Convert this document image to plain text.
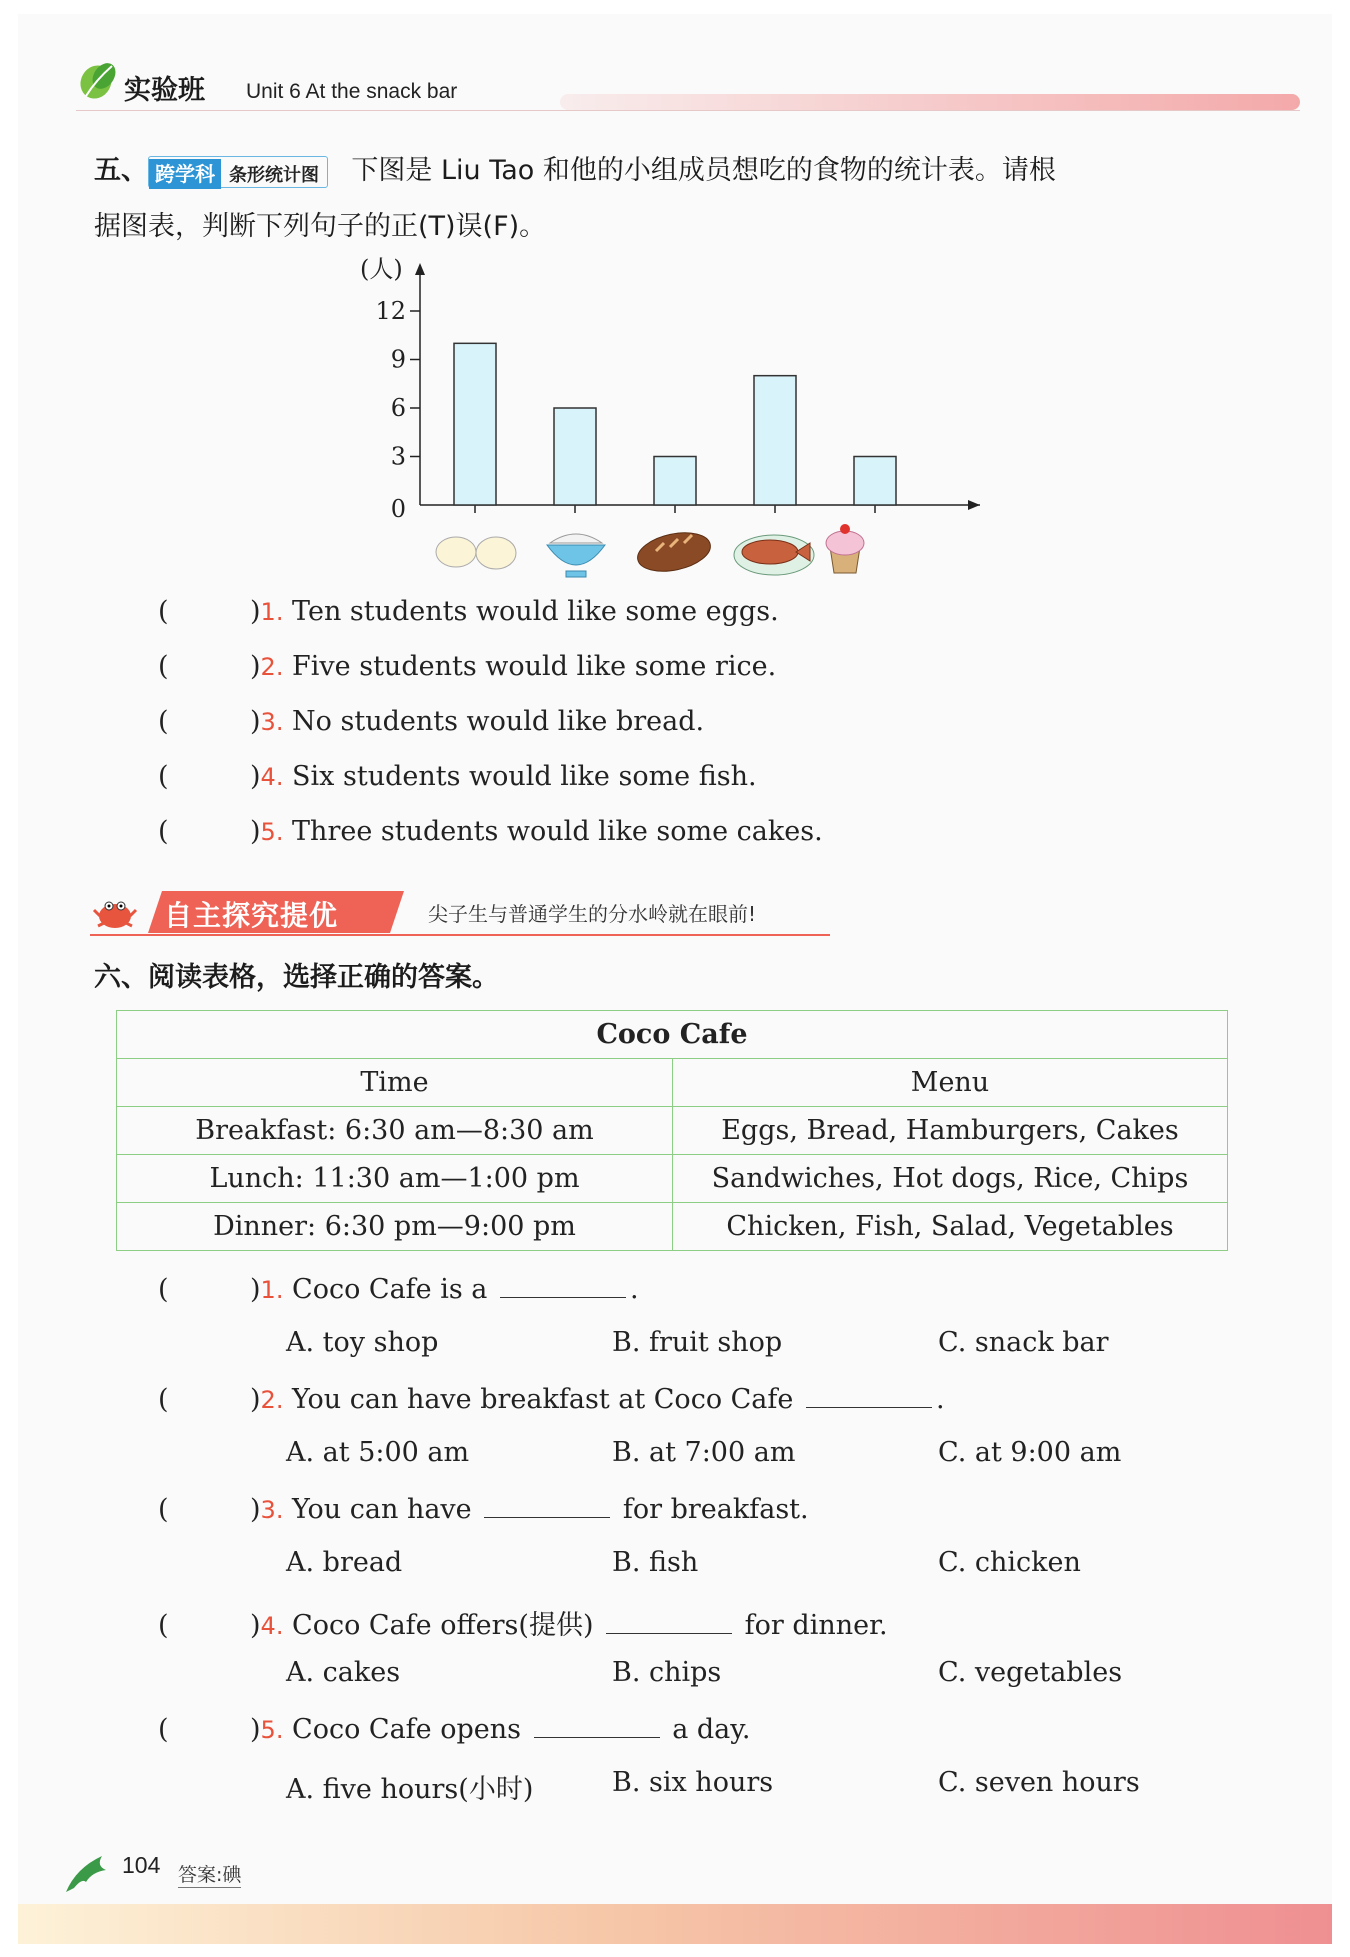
实验班 Unit 6 At the snack bar
五、 跨学科 条形统计图 下图是 Liu Tao 和他的小组成员想吃的食物的统计表。请根
据图表，判断下列句子的正(T)误(F)。
(人)
0
3
6
9
12
(	)1. Ten students would like some eggs.
(	)2. Five students would like some rice.
(	)3. No students would like bread.
(	)4. Six students would like some fish.
(	)5. Three students would like some cakes.
自主探究提优	尖子生与普通学生的分水岭就在眼前!
六、阅读表格，选择正确的答案。
Coco Cafe	
Time	Menu
Breakfast: 6:30 am—8:30 am	Eggs, Bread, Hamburgers, Cakes
Lunch: 11:30 am—1:00 pm	Sandwiches, Hot dogs, Rice, Chips
Dinner: 6:30 pm—9:00 pm	Chicken, Fish, Salad, Vegetables
(	)1. Coco Cafe is a	.
A. toy shop	B. fruit shop	C. snack bar
(	)2. You can have breakfast at Coco Cafe	.
A. at 5:00 am	B. at 7:00 am	C. at 9:00 am
(	)3. You can have	for breakfast.
A. bread	B. fish	C. chicken
(	)4. Coco Cafe offers(提供)	for dinner.
A. cakes	B. chips	C. vegetables
(	)5. Coco Cafe opens	a day.
A. five hours(小时)	B. six hours	C. seven hours
104 答案:碘
